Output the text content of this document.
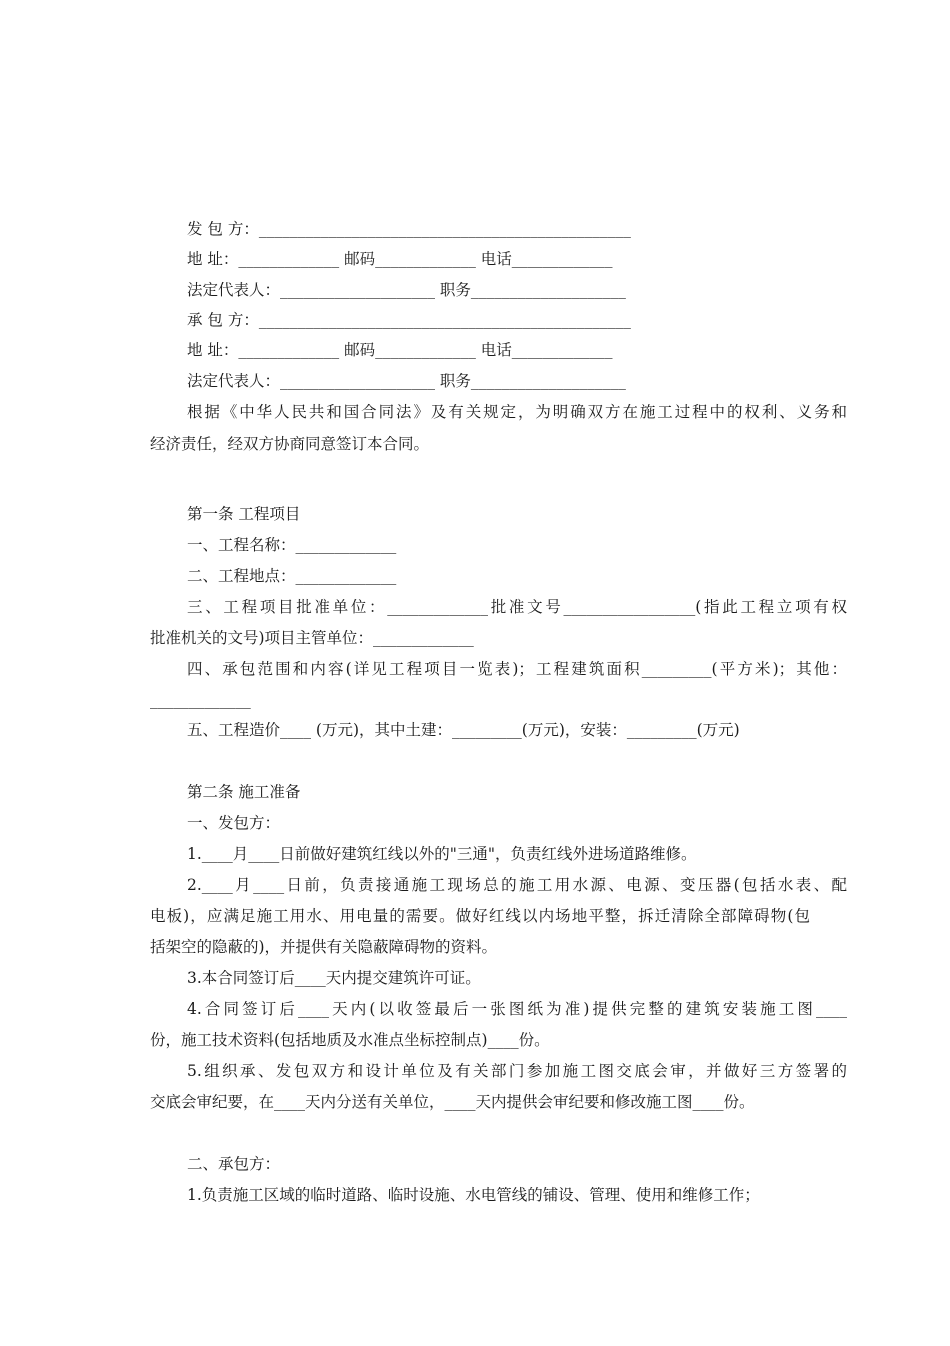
发 包 方：________________________________________________
地 址：_____________ 邮码_____________ 电话_____________
法定代表人：____________________ 职务____________________
承 包 方：________________________________________________
地 址：_____________ 邮码_____________ 电话_____________
法定代表人：____________________ 职务____________________
根据《中华人民共和国合同法》及有关规定，为明确双方在施工过程中的权利、义务和
经济责任，经双方协商同意签订本合同。
第一条 工程项目
一、工程名称：_____________
二、工程地点：_____________
三、工程项目批准单位：_____________批准文号_________________(指此工程立项有权
批准机关的文号)项目主管单位：_____________
四、承包范围和内容(详见工程项目一览表)；工程建筑面积_________(平方米)；其他：
_____________
五、工程造价____ (万元)，其中土建：_________(万元)，安装：_________(万元)
第二条 施工准备
一、发包方：
1.____月____日前做好建筑红线以外的"三通"，负责红线外进场道路维修。
2.____月____日前，负责接通施工现场总的施工用水源、电源、变压器(包括水表、配
电板)，应满足施工用水、用电量的需要。做好红线以内场地平整，拆迁清除全部障碍物(包
括架空的隐蔽的)，并提供有关隐蔽障碍物的资料。
3.本合同签订后____天内提交建筑许可证。
4.合同签订后____天内(以收签最后一张图纸为准)提供完整的建筑安装施工图____
份，施工技术资料(包括地质及水准点坐标控制点)____份。
5.组织承、发包双方和设计单位及有关部门参加施工图交底会审，并做好三方签署的
交底会审纪要，在____天内分送有关单位，____天内提供会审纪要和修改施工图____份。
二、承包方：
1.负责施工区域的临时道路、临时设施、水电管线的铺设、管理、使用和维修工作；
